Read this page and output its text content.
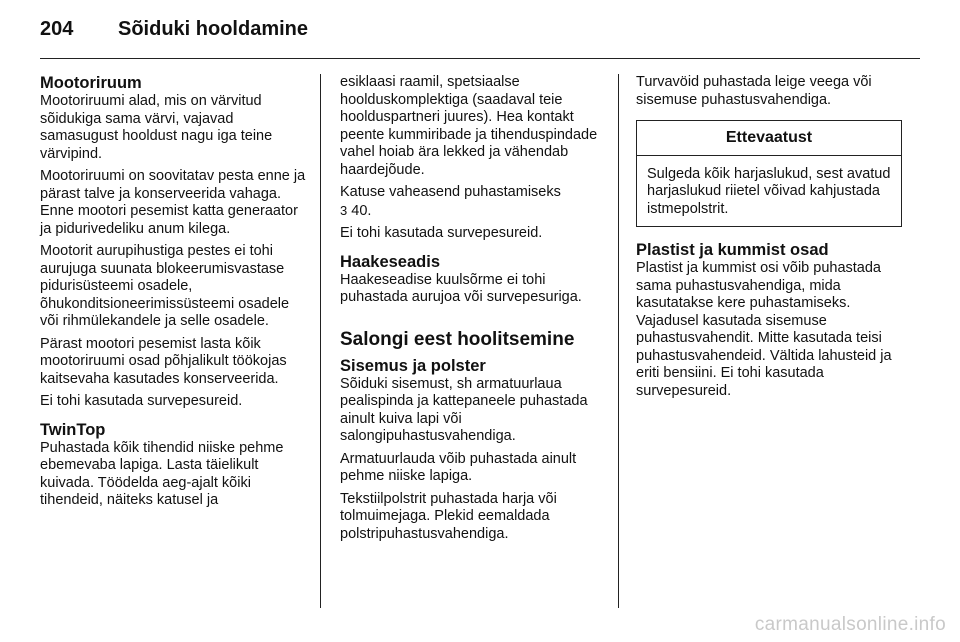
204	Sõiduki hooldamine
Mootoriruum

Mootoriruumi alad, mis on värvitud sõidukiga sama värvi, vajavad samasugust hooldust nagu iga teine värvipind.

Mootoriruumi on soovitatav pesta enne ja pärast talve ja konserveerida vahaga. Enne mootori pesemist katta generaator ja pidurivedeliku anum kilega.

Mootorit aurupihustiga pestes ei tohi aurujuga suunata blokeerumisvastase pidurisüsteemi osadele, õhukonditsioneerimissüsteemi osadele või rihmülekandele ja selle osadele.

Pärast mootori pesemist lasta kõik mootoriruumi osad põhjalikult töökojas kaitsevaha kasutades konserveerida.

Ei tohi kasutada survepesureid.

TwinTop

Puhastada kõik tihendid niiske pehme ebemevaba lapiga. Lasta täielikult kuivada. Töödelda aeg-ajalt kõiki tihendeid, näiteks katusel ja

esiklaasi raamil, spetsiaalse hoolduskomplektiga (saadaval teie hoolduspartneri juures). Hea kontakt peente kummiribade ja tihenduspindade vahel hoiab ära lekked ja vähendab haardejõude.

Katuse vaheasend puhastamiseks
3 40.

Ei tohi kasutada survepesureid.

Haakeseadis

Haakeseadise kuulsõrme ei tohi puhastada aurujoa või survepesuriga.

Salongi eest hoolitsemine
Sisemus ja polster

Sõiduki sisemust, sh armatuurlaua pealispinda ja kattepaneele puhastada ainult kuiva lapi või salongipuhastusvahendiga.

Armatuurlauda võib puhastada ainult pehme niiske lapiga.

Tekstiilpolstrit puhastada harja või tolmuimejaga. Plekid eemaldada polstripuhastusvahendiga.

Turvavöid puhastada leige veega või sisemuse puhastusvahendiga.

Ettevaatust
Sulgeda kõik harjaslukud, sest avatud harjaslukud riietel võivad kahjustada istmepolstrit.
Plastist ja kummist osad

Plastist ja kummist osi võib puhastada sama puhastusvahendiga, mida kasutatakse kere puhastamiseks. Vajadusel kasutada sisemuse puhastusvahendit. Mitte kasutada teisi puhastusvahendeid. Vältida lahusteid ja eriti bensiini. Ei tohi kasutada survepesureid.

carmanualsonline.info
